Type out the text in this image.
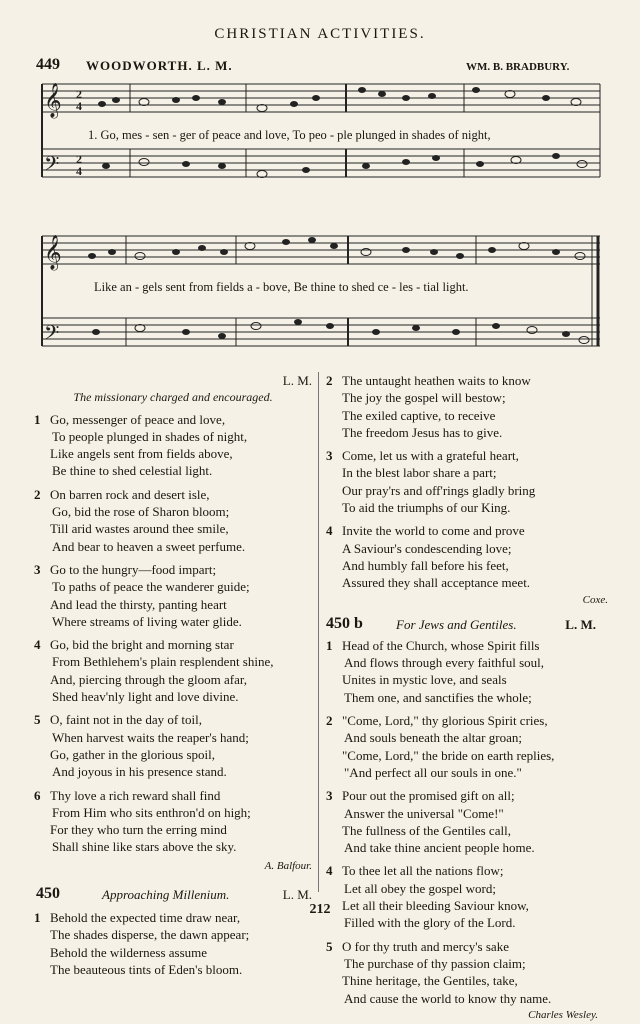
CHRISTIAN ACTIVITIES.
449 WOODWORTH. L. M.	WM. B. BRADBURY.
𝄞
𝄢
2
4
2
4
1. Go, mes - sen - ger of peace and love, To peo - ple plunged in shades of night,
𝄞
𝄢
Like an - gels sent from fields a - bove, Be thine to shed ce - les - tial light.
L. M.
The missionary charged and encouraged.
1 Go, messenger of peace and love,
To people plunged in shades of night,
Like angels sent from fields above,
Be thine to shed celestial light.
2 On barren rock and desert isle,
Go, bid the rose of Sharon bloom;
Till arid wastes around thee smile,
And bear to heaven a sweet perfume.
3 Go to the hungry—food impart;
To paths of peace the wanderer guide;
And lead the thirsty, panting heart
Where streams of living water glide.
4 Go, bid the bright and morning star
From Bethlehem's plain resplendent shine,
And, piercing through the gloom afar,
Shed heav'nly light and love divine.
5 O, faint not in the day of toil,
When harvest waits the reaper's hand;
Go, gather in the glorious spoil,
And joyous in his presence stand.
6 Thy love a rich reward shall find
From Him who sits enthron'd on high;
For they who turn the erring mind
Shall shine like stars above the sky.
A. Balfour.
450	Approaching Millenium.	L. M.
1 Behold the expected time draw near,
The shades disperse, the dawn appear;
Behold the wilderness assume
The beauteous tints of Eden's bloom.
2 The untaught heathen waits to know
The joy the gospel will bestow;
The exiled captive, to receive
The freedom Jesus has to give.
3 Come, let us with a grateful heart,
In the blest labor share a part;
Our pray'rs and off'rings gladly bring
To aid the triumphs of our King.
4 Invite the world to come and prove
A Saviour's condescending love;
And humbly fall before his feet,
Assured they shall acceptance meet.
Coxe.
450 b	For Jews and Gentiles.	L. M.
1 Head of the Church, whose Spirit fills
And flows through every faithful soul,
Unites in mystic love, and seals
Them one, and sanctifies the whole;
2 "Come, Lord," thy glorious Spirit cries,
And souls beneath the altar groan;
"Come, Lord," the bride on earth replies,
"And perfect all our souls in one."
3 Pour out the promised gift on all;
Answer the universal "Come!"
The fullness of the Gentiles call,
And take thine ancient people home.
4 To thee let all the nations flow;
Let all obey the gospel word;
Let all their bleeding Saviour know,
Filled with the glory of the Lord.
5 O for thy truth and mercy's sake
The purchase of thy passion claim;
Thine heritage, the Gentiles, take,
And cause the world to know thy name.
Charles Wesley.
212
